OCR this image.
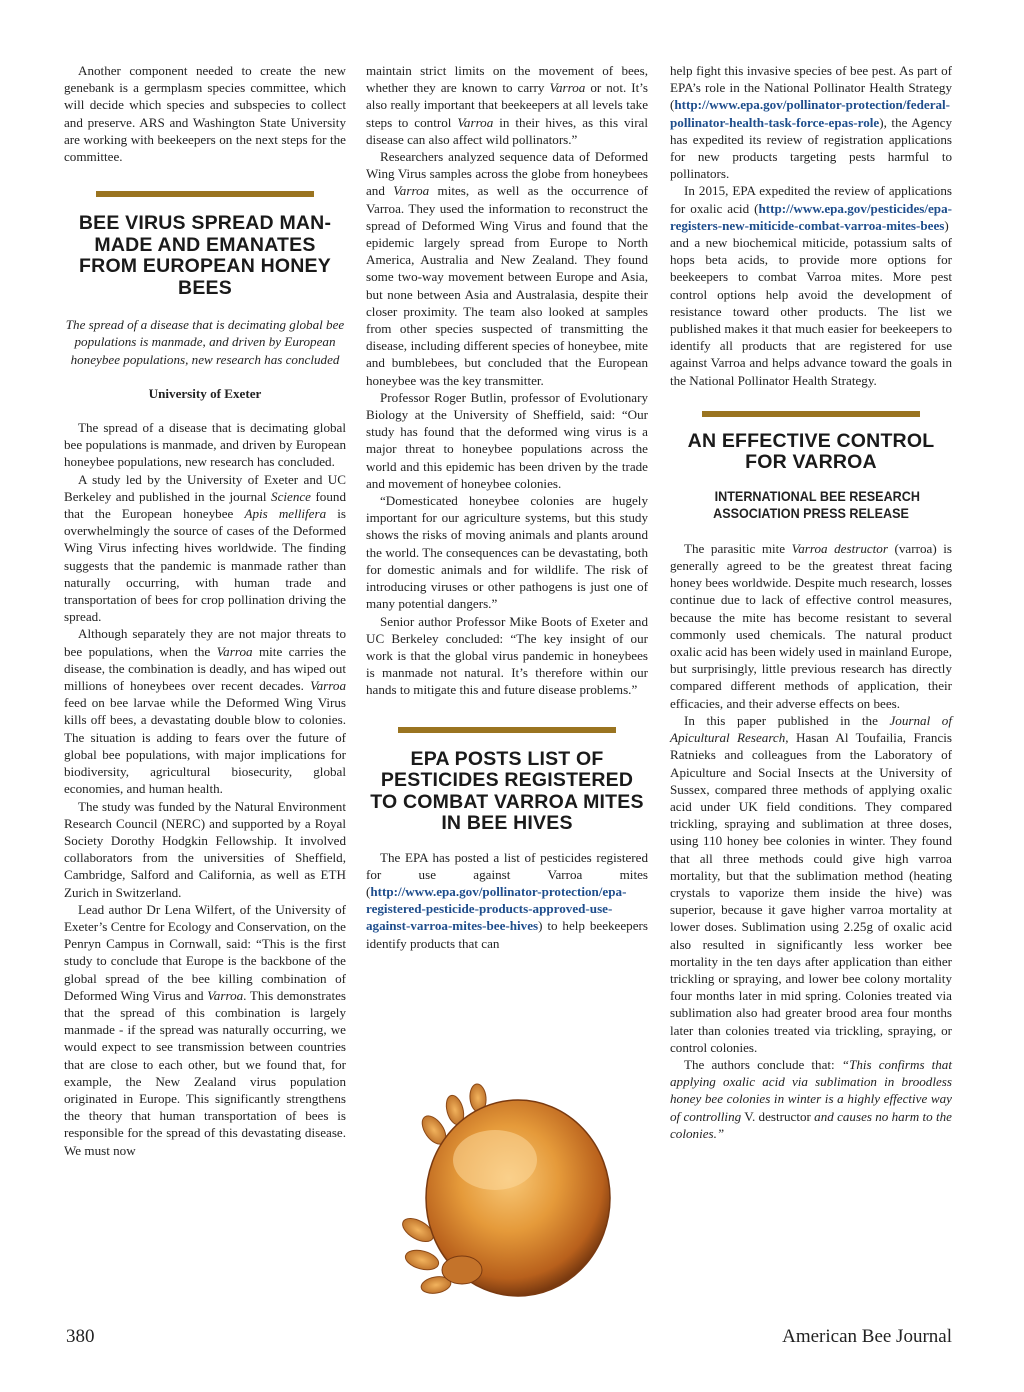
Another component needed to create the new genebank is a germplasm species committee, which will decide which species and subspecies to collect and preserve. ARS and Washington State University are working with beekeepers on the next steps for the committee.

BEE VIRUS SPREAD MAN-MADE AND EMANATES FROM EUROPEAN HONEY BEES

The spread of a disease that is decimating global bee populations is manmade, and driven by European honeybee populations, new research has concluded

University of Exeter

The spread of a disease that is decimating global bee populations is manmade, and driven by European honeybee populations, new research has concluded.

A study led by the University of Exeter and UC Berkeley and published in the journal Science found that the European honeybee Apis mellifera is overwhelmingly the source of cases of the Deformed Wing Virus infecting hives worldwide. The finding suggests that the pandemic is manmade rather than naturally occurring, with human trade and transportation of bees for crop pollination driving the spread.

Although separately they are not major threats to bee populations, when the Varroa mite carries the disease, the combination is deadly, and has wiped out millions of honeybees over recent decades. Varroa feed on bee larvae while the Deformed Wing Virus kills off bees, a devastating double blow to colonies. The situation is adding to fears over the future of global bee populations, with major implications for biodiversity, agricultural biosecurity, global economies, and human health.

The study was funded by the Natural Environment Research Council (NERC) and supported by a Royal Society Dorothy Hodgkin Fellowship. It involved collaborators from the universities of Sheffield, Cambridge, Salford and California, as well as ETH Zurich in Switzerland.

Lead author Dr Lena Wilfert, of the University of Exeter’s Centre for Ecology and Conservation, on the Penryn Campus in Cornwall, said: “This is the first study to conclude that Europe is the backbone of the global spread of the bee killing combination of Deformed Wing Virus and Varroa. This demonstrates that the spread of this combination is largely manmade - if the spread was naturally occurring, we would expect to see transmission between countries that are close to each other, but we found that, for example, the New Zealand virus population originated in Europe. This significantly strengthens the theory that human transportation of bees is responsible for the spread of this devastating disease. We must now

maintain strict limits on the movement of bees, whether they are known to carry Varroa or not. It’s also really important that beekeepers at all levels take steps to control Varroa in their hives, as this viral disease can also affect wild pollinators.”

Researchers analyzed sequence data of Deformed Wing Virus samples across the globe from honeybees and Varroa mites, as well as the occurrence of Varroa. They used the information to reconstruct the spread of Deformed Wing Virus and found that the epidemic largely spread from Europe to North America, Australia and New Zealand. They found some two-way movement between Europe and Asia, but none between Asia and Australasia, despite their closer proximity. The team also looked at samples from other species suspected of transmitting the disease, including different species of honeybee, mite and bumblebees, but concluded that the European honeybee was the key transmitter.

Professor Roger Butlin, professor of Evolutionary Biology at the University of Sheffield, said: “Our study has found that the deformed wing virus is a major threat to honeybee populations across the world and this epidemic has been driven by the trade and movement of honeybee colonies.

“Domesticated honeybee colonies are hugely important for our agriculture systems, but this study shows the risks of moving animals and plants around the world. The consequences can be devastating, both for domestic animals and for wildlife. The risk of introducing viruses or other pathogens is just one of many potential dangers.”

Senior author Professor Mike Boots of Exeter and UC Berkeley concluded: “The key insight of our work is that the global virus pandemic in honeybees is manmade not natural. It’s therefore within our hands to mitigate this and future disease problems.”

EPA POSTS LIST OF PESTICIDES REGISTERED TO COMBAT VARROA MITES IN BEE HIVES

The EPA has posted a list of pesticides registered for use against Varroa mites (http://www.epa.gov/pollinator-protection/epa-registered-pesticide-products-approved-use-against-varroa-mites-bee-hives) to help beekeepers identify products that can

help fight this invasive species of bee pest. As part of EPA’s role in the National Pollinator Health Strategy (http://www.epa.gov/pollinator-protection/federal-pollinator-health-task-force-epas-role), the Agency has expedited its review of registration applications for new products targeting pests harmful to pollinators.

In 2015, EPA expedited the review of applications for oxalic acid (http://www.epa.gov/pesticides/epa-registers-new-miticide-combat-varroa-mites-bees) and a new biochemical miticide, potassium salts of hops beta acids, to provide more options for beekeepers to combat Varroa mites. More pest control options help avoid the development of resistance toward other products. The list we published makes it that much easier for beekeepers to identify all products that are registered for use against Varroa and helps advance toward the goals in the National Pollinator Health Strategy.

AN EFFECTIVE CONTROL FOR VARROA

INTERNATIONAL BEE RESEARCH ASSOCIATION PRESS RELEASE

The parasitic mite Varroa destructor (varroa) is generally agreed to be the greatest threat facing honey bees worldwide. Despite much research, losses continue due to lack of effective control measures, because the mite has become resistant to several commonly used chemicals. The natural product oxalic acid has been widely used in mainland Europe, but surprisingly, little previous research has directly compared different methods of application, their efficacies, and their adverse effects on bees.

In this paper published in the Journal of Apicultural Research, Hasan Al Toufailia, Francis Ratnieks and colleagues from the Laboratory of Apiculture and Social Insects at the University of Sussex, compared three methods of applying oxalic acid under UK field conditions. They compared trickling, spraying and sublimation at three doses, using 110 honey bee colonies in winter. They found that all three methods could give high varroa mortality, but that the sublimation method (heating crystals to vaporize them inside the hive) was superior, because it gave higher varroa mortality at lower doses. Sublimation using 2.25g of oxalic acid also resulted in significantly less worker bee mortality in the ten days after application than either trickling or spraying, and lower bee colony mortality four months later in mid spring. Colonies treated via sublimation also had greater brood area four months later than colonies treated via trickling, spraying, or control colonies.

The authors conclude that: “This confirms that applying oxalic acid via sublimation in broodless honey bee colonies in winter is a highly effective way of controlling V. destructor and causes no harm to the colonies.”

380	American Bee Journal
